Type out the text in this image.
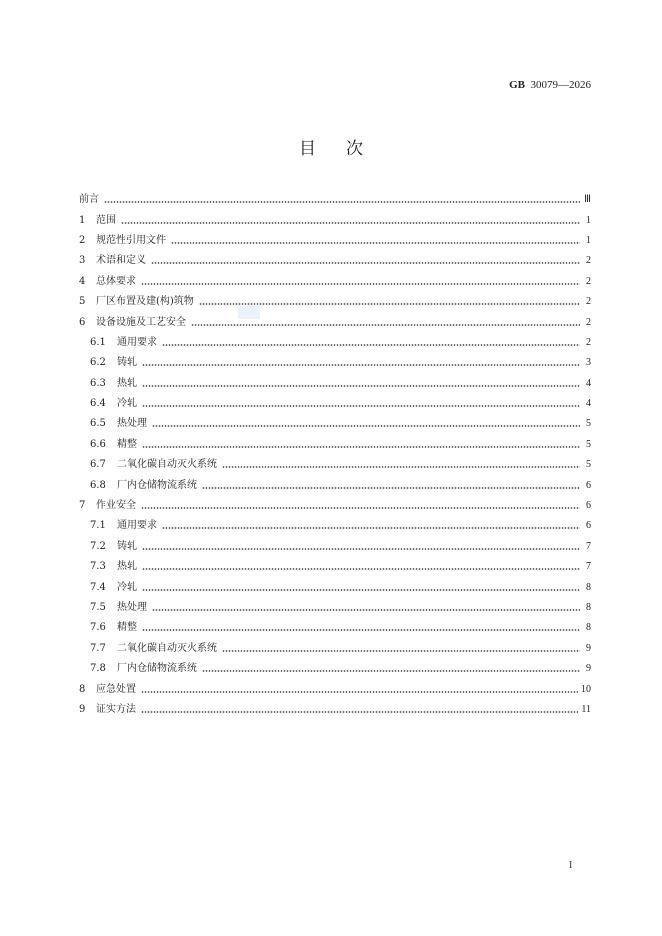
GB 30079—2026
目次
前言	Ⅲ
1	范围	1
2	规范性引用文件	1
3	术语和定义	2
4	总体要求	2
5	厂区布置及建(构)筑物	2
6	设备设施及工艺安全	2
6.1	通用要求	2
6.2	铸轧	3
6.3	热轧	4
6.4	冷轧	4
6.5	热处理	5
6.6	精整	5
6.7	二氧化碳自动灭火系统	5
6.8	厂内仓储物流系统	6
7	作业安全	6
7.1	通用要求	6
7.2	铸轧	7
7.3	热轧	7
7.4	冷轧	8
7.5	热处理	8
7.6	精整	8
7.7	二氧化碳自动灭火系统	9
7.8	厂内仓储物流系统	9
8	应急处置	10
9	证实方法	11
I
